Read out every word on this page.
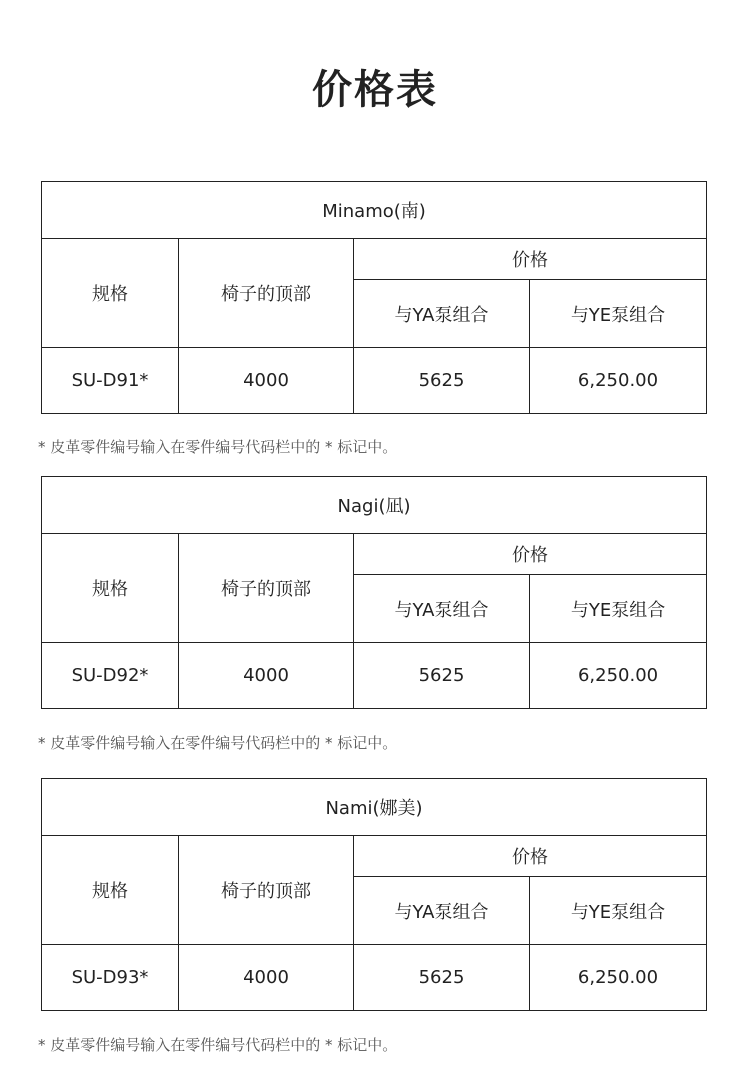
价格表
Minamo(南)			
规格	椅子的顶部	价格	
		与YA泵组合	与YE泵组合
SU-D91*	4000	5625	6,250.00
* 皮革零件编号输入在零件编号代码栏中的 * 标记中。
Nagi(凪)			
规格	椅子的顶部	价格	
		与YA泵组合	与YE泵组合
SU-D92*	4000	5625	6,250.00
* 皮革零件编号输入在零件编号代码栏中的 * 标记中。
Nami(娜美)			
规格	椅子的顶部	价格	
		与YA泵组合	与YE泵组合
SU-D93*	4000	5625	6,250.00
* 皮革零件编号输入在零件编号代码栏中的 * 标记中。
